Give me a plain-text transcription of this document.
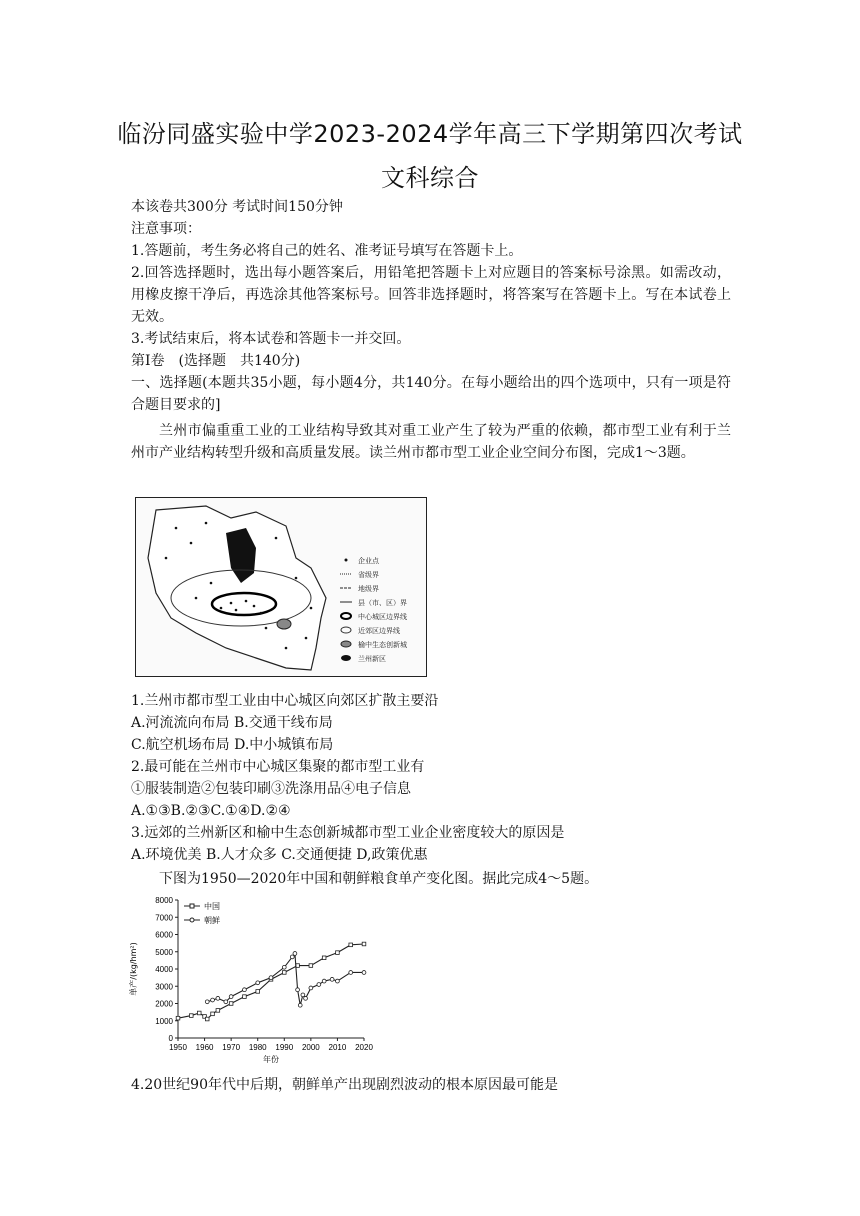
临汾同盛实验中学2023-2024学年高三下学期第四次考试
文科综合
本该卷共300分 考试时间150分钟
注意事项：
1.答题前，考生务必将自己的姓名、准考证号填写在答题卡上。
2.回答选择题时，选出每小题答案后，用铅笔把答题卡上对应题目的答案标号涂黑。如需改动，用橡皮擦干净后，再选涂其他答案标号。回答非选择题时，将答案写在答题卡上。写在本试卷上无效。
3.考试结束后，将本试卷和答题卡一并交回。
第Ⅰ卷　(选择题　共140分)
一、选择题(本题共35小题，每小题4分，共140分。在每小题给出的四个选项中，只有一项是符合题目要求的]
兰州市偏重重工业的工业结构导致其对重工业产生了较为严重的依赖，都市型工业有利于兰州市产业结构转型升级和高质量发展。读兰州市都市型工业企业空间分布图，完成1～3题。
企业点
省级界
地级界
县（市、区）界
中心城区边界线
近郊区边界线
榆中生态创新城
兰州新区
1.兰州市都市型工业由中心城区向郊区扩散主要沿
A.河流流向布局 B.交通干线布局
C.航空机场布局 D.中小城镇布局
2.最可能在兰州市中心城区集聚的都市型工业有
①服装制造②包装印刷③洗涤用品④电子信息
A.①③B.②③C.①④D.②④
3.远郊的兰州新区和榆中生态创新城都市型工业企业密度较大的原因是
A.环境优美 B.人才众多 C.交通便捷 D,政策优惠
下图为1950—2020年中国和朝鲜粮食单产变化图。据此完成4～5题。
1950 1960 1970 1980 1990 2000 2010 2020
0
1000
2000
3000
4000
5000
6000
7000
8000
年份
单产/(kg/hm²)
中国
朝鲜
4.20世纪90年代中后期，朝鲜单产出现剧烈波动的根本原因最可能是
